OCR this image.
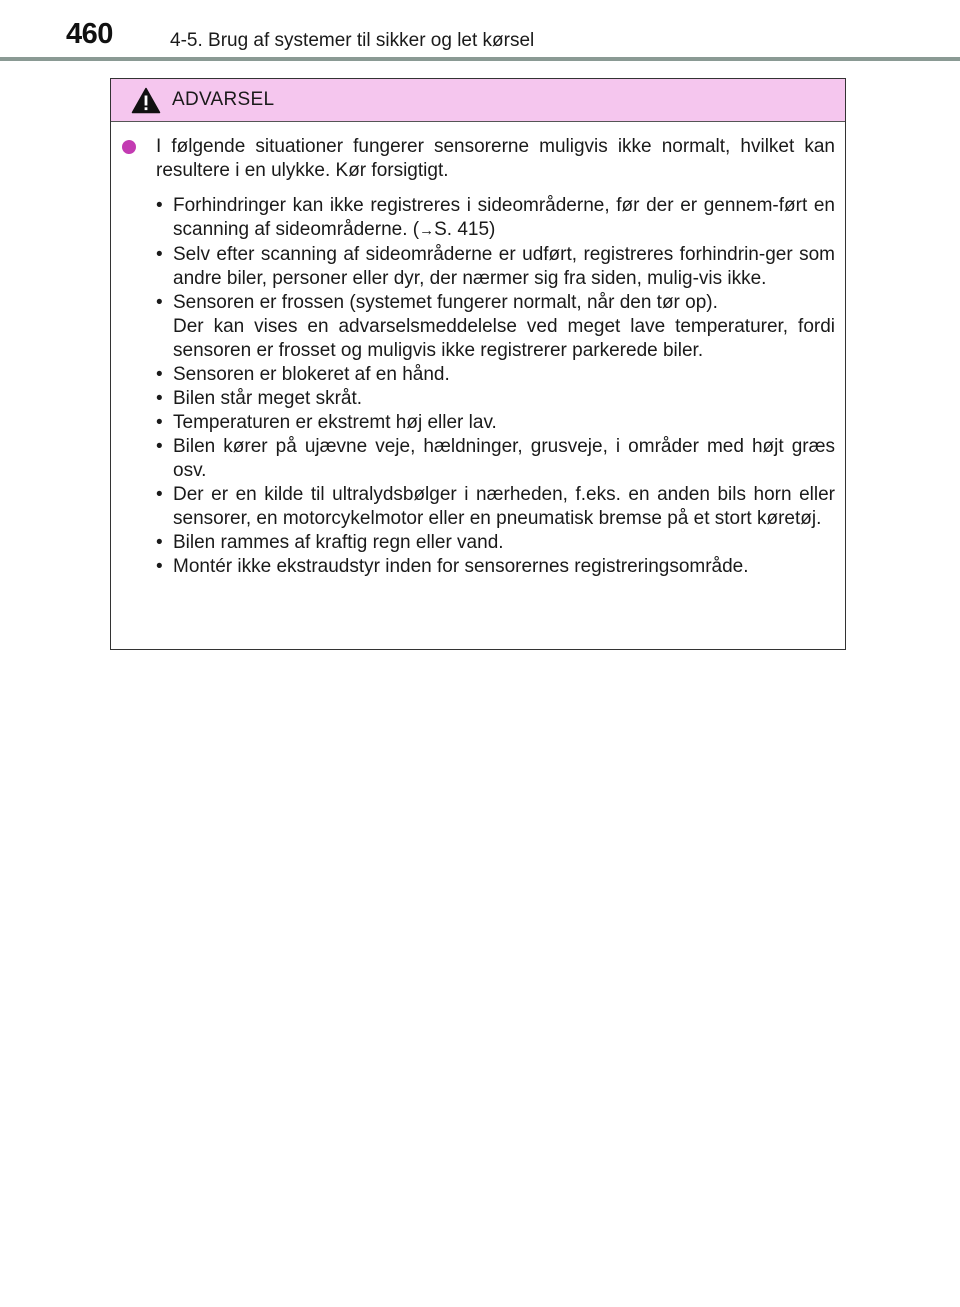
460	4-5. Brug af systemer til sikker og let kørsel
ADVARSEL
I følgende situationer fungerer sensorerne muligvis ikke normalt, hvilket kan resultere i en ulykke. Kør forsigtigt.
• Forhindringer kan ikke registreres i sideområderne, før der er gennem-ført en scanning af sideområderne. (→S. 415)
• Selv efter scanning af sideområderne er udført, registreres forhindrin-ger som andre biler, personer eller dyr, der nærmer sig fra siden, mulig-vis ikke.
• Sensoren er frossen (systemet fungerer normalt, når den tør op).
Der kan vises en advarselsmeddelelse ved meget lave temperaturer, fordi sensoren er frosset og muligvis ikke registrerer parkerede biler.
• Sensoren er blokeret af en hånd.
• Bilen står meget skråt.
• Temperaturen er ekstremt høj eller lav.
• Bilen kører på ujævne veje, hældninger, grusveje, i områder med højt græs osv.
• Der er en kilde til ultralydsbølger i nærheden, f.eks. en anden bils horn eller sensorer, en motorcykelmotor eller en pneumatisk bremse på et stort køretøj.
• Bilen rammes af kraftig regn eller vand.
• Montér ikke ekstraudstyr inden for sensorernes registreringsområde.
